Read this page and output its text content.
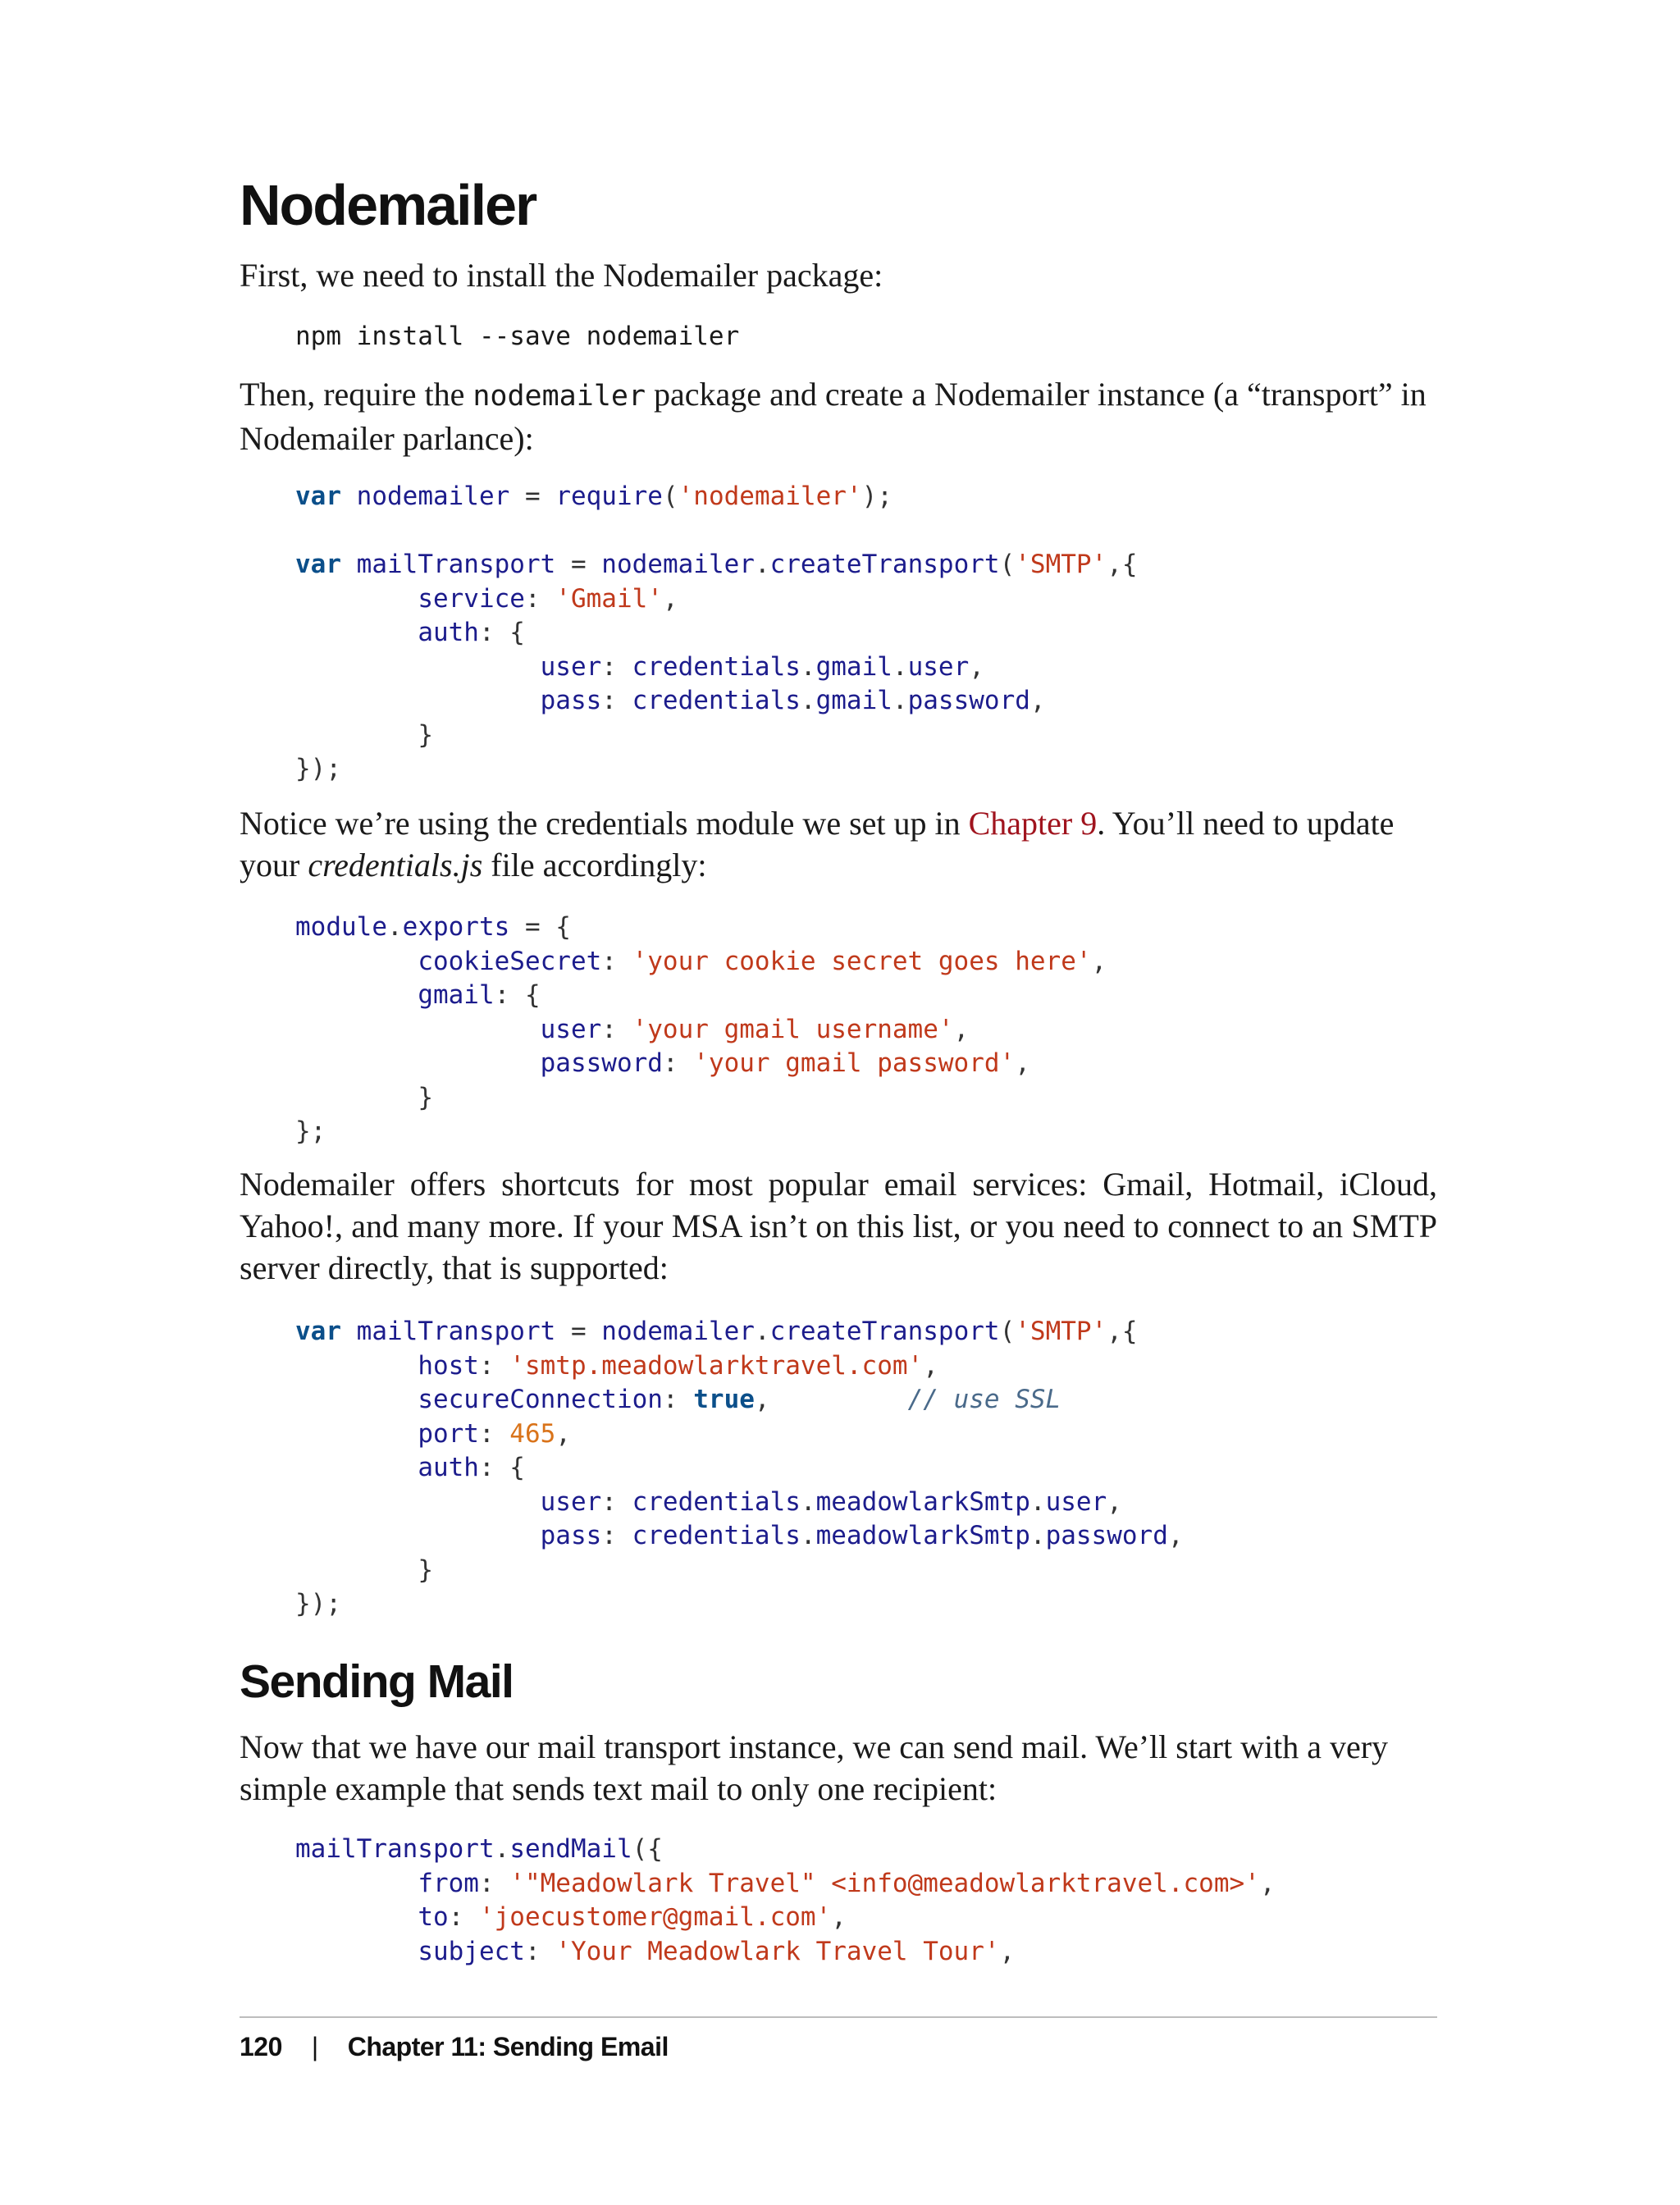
Nodemailer

First, we need to install the Nodemailer package:

npm install --save nodemailer

Then, require the nodemailer package and create a Nodemailer instance (a “transport” in Nodemailer parlance):

var nodemailer = require('nodemailer');

var mailTransport = nodemailer.createTransport('SMTP',{
service: 'Gmail',
auth: {
user: credentials.gmail.user,
pass: credentials.gmail.password,
}
});

Notice we’re using the credentials module we set up in Chapter 9. You’ll need to update your credentials.js file accordingly:

module.exports = {
cookieSecret: 'your cookie secret goes here',
gmail: {
user: 'your gmail username',
password: 'your gmail password',
}
};

Nodemailer offers shortcuts for most popular email services: Gmail, Hotmail, iCloud, Yahoo!, and many more. If your MSA isn’t on this list, or you need to connect to an SMTP server directly, that is supported:

var mailTransport = nodemailer.createTransport('SMTP',{
host: 'smtp.meadowlarktravel.com',
secureConnection: true,	// use SSL
port: 465,
auth: {
user: credentials.meadowlarkSmtp.user,
pass: credentials.meadowlarkSmtp.password,
}
});
Sending Mail

Now that we have our mail transport instance, we can send mail. We’ll start with a very simple example that sends text mail to only one recipient:

mailTransport.sendMail({
from: '"Meadowlark Travel" <info@meadowlarktravel.com>',
to: 'joecustomer@gmail.com',
subject: 'Your Meadowlark Travel Tour',
120 | Chapter 11: Sending Email
